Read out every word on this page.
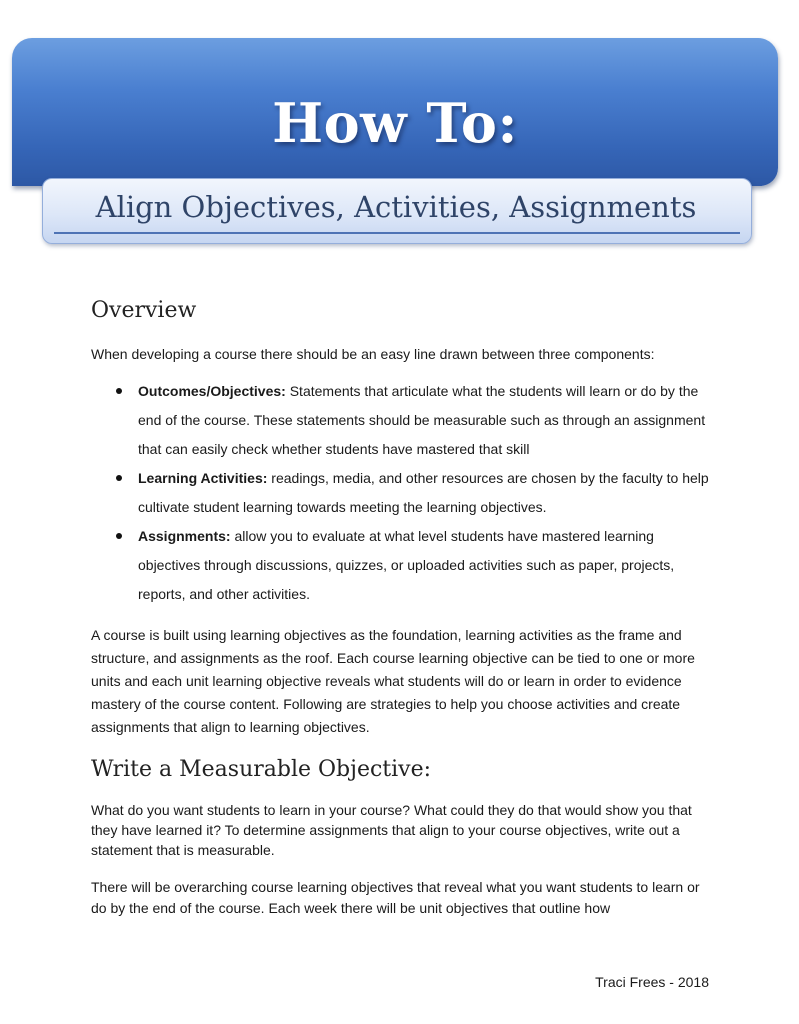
How To:
Align Objectives, Activities, Assignments
Overview

When developing a course there should be an easy line drawn between three components:

Outcomes/Objectives: Statements that articulate what the students will learn or do by the end of the course. These statements should be measurable such as through an assignment that can easily check whether students have mastered that skill
Learning Activities: readings, media, and other resources are chosen by the faculty to help cultivate student learning towards meeting the learning objectives.
Assignments: allow you to evaluate at what level students have mastered learning objectives through discussions, quizzes, or uploaded activities such as paper, projects, reports, and other activities.

A course is built using learning objectives as the foundation, learning activities as the frame and structure, and assignments as the roof. Each course learning objective can be tied to one or more units and each unit learning objective reveals what students will do or learn in order to evidence mastery of the course content. Following are strategies to help you choose activities and create assignments that align to learning objectives.

Write a Measurable Objective:

What do you want students to learn in your course? What could they do that would show you that they have learned it? To determine assignments that align to your course objectives, write out a statement that is measurable.

There will be overarching course learning objectives that reveal what you want students to learn or do by the end of the course. Each week there will be unit objectives that outline how

Traci Frees - 2018
